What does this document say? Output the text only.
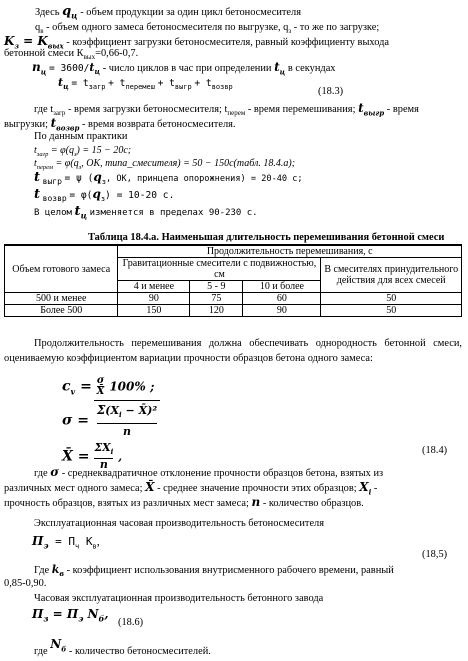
Здесь $q_ц$ - объем продукции за один цикл бетоносмесителя
$q_в$ - объем одного замеса бетоносмесителя по выгрузке, $q_з$ - то же по загрузке;
$K_з = K_{вых}$ - коэффициент загрузки бетоносмесителя, равный коэффициенту выхода
бетонной смеси $К_{вых}=0,66-0,7$.
$n_ц = 3600/t_ц$ - число циклов в час при определении $t_ц$ в секундах
$t_ц = t_{загр} + t_{перемеш} + t_{выгр} + t_{возвр}$	(18.3)
где $t_{загр}$ - время загрузки бетоносмесителя; $t_{перем}$ - время перемешивания; $t_{выгр}$ - время
выгрузки; $t_{возвр}$ - время возврата бетоносмесителя.
По данным практики
$t_{загр} = \varphi(q_з) = 15 - 20с$;
$t_{перем} = \varphi(q_з$, ОК, типа_смесителя) = 50 − 150с(табл. 18.4.а);
t $_{выгр}$ = ψ ($q_з$, ОК, принцепа опорожнения) = 20-40 с;
t $_{возвр} = \varphi(q_з) = 10-20$ с.
В целом $t_ц$ изменяется в пределах 90-230 с.
Таблица 18.4.а. Наименьшая длительность перемешивания бетонной смеси
Объем готового замеса	Продолжительность перемешивания, с			
	Гравитационные смесители с подвижностью, см			В смесителях принудительного действия для всех смесей
	4 и менее	5 - 9	10 и более	
500 и менее	90	75	60	50
Более 500	150	120	90	50
Продолжительность перемешивания должна обеспечивать однородность бетонной смеси, оцениваемую коэффициентом вариации прочности образцов бетона одного замеса:
$c_v = \frac{\sigma}{X̄} 100\%$ ;
$\sigma = \frac{\Sigma(X_i - X̄)^2}{n}$
X̄ =
$\Sigma X_i$
n
,
(18.4)
где σ - среднеквадратичное отклонение прочности образцов бетона, взятых из
различных мест одного замеса; X̄ - среднее значение прочности этих образцов; $X_i$ -
прочность образцов, взятых из различных мест замеса; n - количество образцов.
Эксплуатационная часовая производительность бетоносмесителя
$П_э = П_ч$ $К_в$,
(18,5)
Где $k_в$ - коэффициент использования внутрисменного рабочего времени, равный
0,85-0,90.
Часовая эксплуатационная производительность бетонного завода
$П_з = П_э$ $N_б$,
(18.6)
где $N_б$ - количество бетоносмесителей.
